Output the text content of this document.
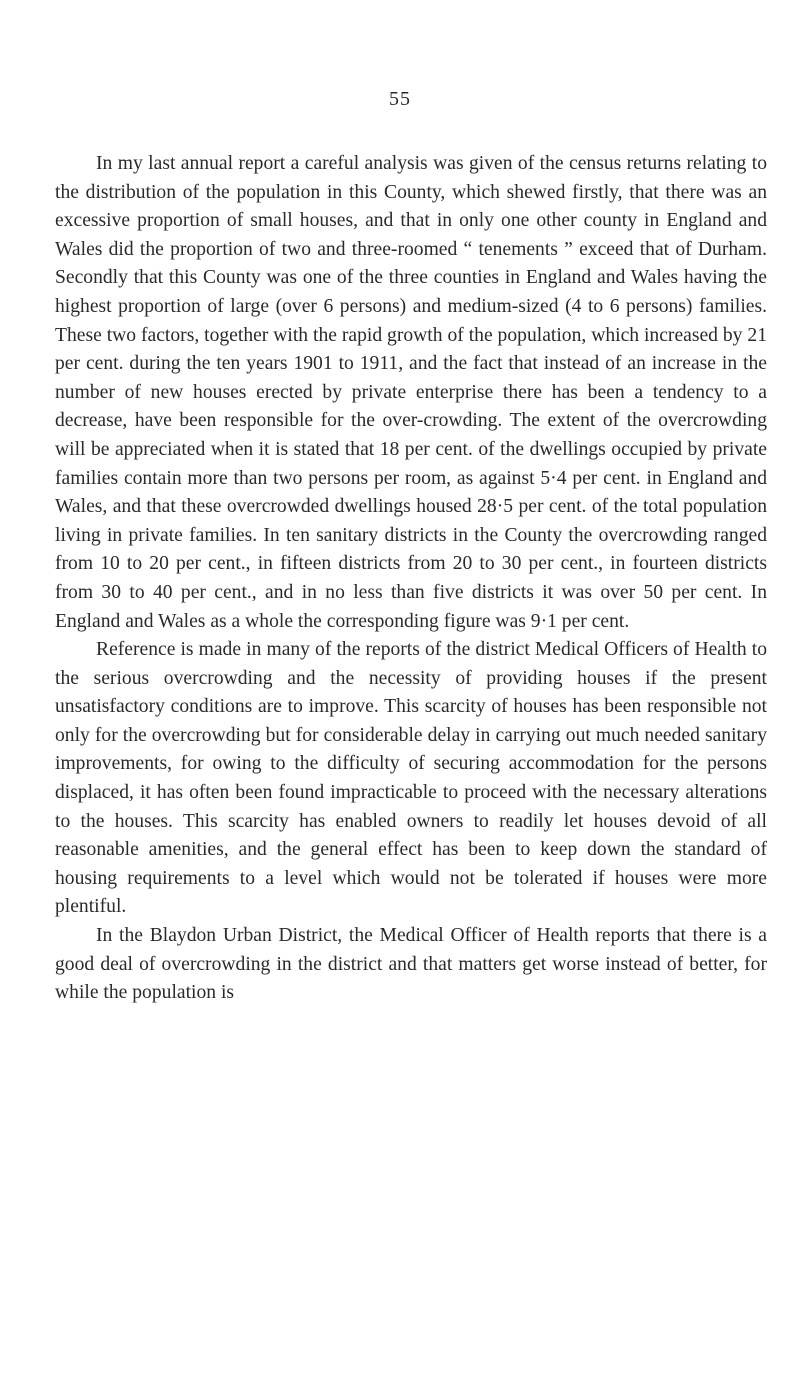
55

In my last annual report a careful analysis was given of the census returns relating to the distribution of the population in this County, which shewed firstly, that there was an excessive proportion of small houses, and that in only one other county in England and Wales did the proportion of two and three-roomed “ tenements ” exceed that of Durham. Secondly that this County was one of the three counties in England and Wales having the highest proportion of large (over 6 persons) and medium-sized (4 to 6 persons) families. These two factors, together with the rapid growth of the population, which increased by 21 per cent. during the ten years 1901 to 1911, and the fact that instead of an increase in the number of new houses erected by private enterprise there has been a tendency to a decrease, have been responsible for the over-crowding. The extent of the overcrowding will be appreciated when it is stated that 18 per cent. of the dwellings occupied by private families contain more than two persons per room, as against 5·4 per cent. in England and Wales, and that these overcrowded dwellings housed 28·5 per cent. of the total population living in private families. In ten sanitary districts in the County the overcrowding ranged from 10 to 20 per cent., in fifteen districts from 20 to 30 per cent., in fourteen districts from 30 to 40 per cent., and in no less than five districts it was over 50 per cent. In England and Wales as a whole the corresponding figure was 9·1 per cent.

Reference is made in many of the reports of the district Medical Officers of Health to the serious overcrowding and the necessity of providing houses if the present unsatisfactory conditions are to improve. This scarcity of houses has been responsible not only for the overcrowding but for considerable delay in carrying out much needed sanitary improvements, for owing to the difficulty of securing accommodation for the persons displaced, it has often been found impracticable to proceed with the necessary alterations to the houses. This scarcity has enabled owners to readily let houses devoid of all reasonable amenities, and the general effect has been to keep down the standard of housing requirements to a level which would not be tolerated if houses were more plentiful.

In the Blaydon Urban District, the Medical Officer of Health reports that there is a good deal of overcrowding in the district and that matters get worse instead of better, for while the population is
